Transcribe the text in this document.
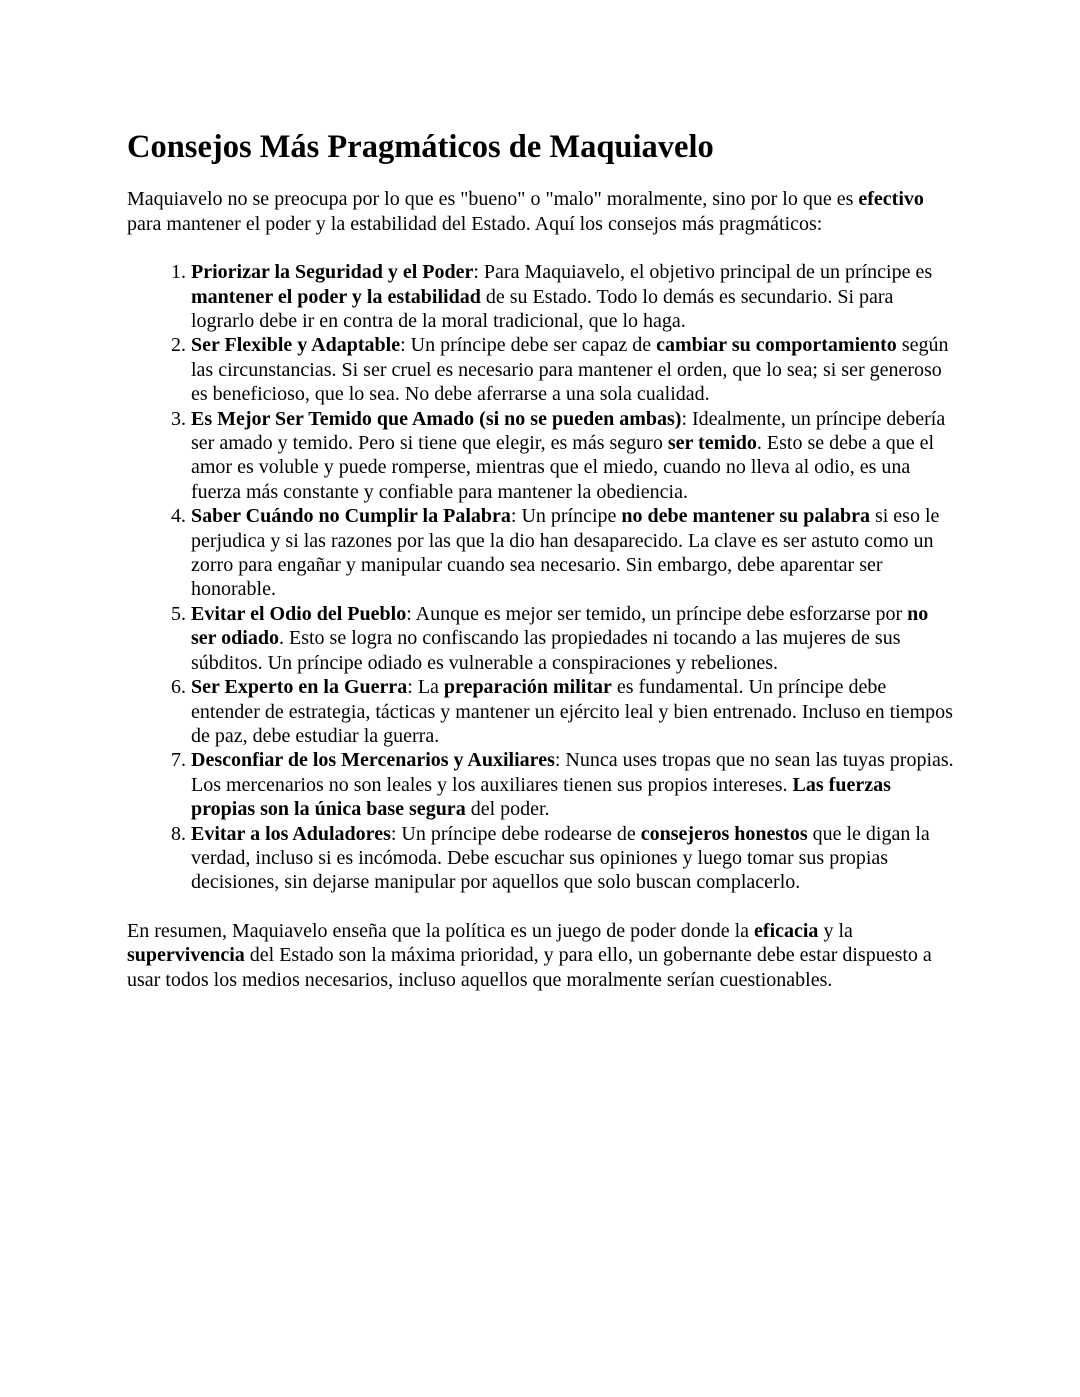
Consejos Más Pragmáticos de Maquiavelo

Maquiavelo no se preocupa por lo que es "bueno" o "malo" moralmente, sino por lo que es efectivo para mantener el poder y la estabilidad del Estado. Aquí los consejos más pragmáticos:

1. Priorizar la Seguridad y el Poder: Para Maquiavelo, el objetivo principal de un príncipe es mantener el poder y la estabilidad de su Estado. Todo lo demás es secundario. Si para lograrlo debe ir en contra de la moral tradicional, que lo haga.
2. Ser Flexible y Adaptable: Un príncipe debe ser capaz de cambiar su comportamiento según las circunstancias. Si ser cruel es necesario para mantener el orden, que lo sea; si ser generoso es beneficioso, que lo sea. No debe aferrarse a una sola cualidad.
3. Es Mejor Ser Temido que Amado (si no se pueden ambas): Idealmente, un príncipe debería ser amado y temido. Pero si tiene que elegir, es más seguro ser temido. Esto se debe a que el amor es voluble y puede romperse, mientras que el miedo, cuando no lleva al odio, es una fuerza más constante y confiable para mantener la obediencia.
4. Saber Cuándo no Cumplir la Palabra: Un príncipe no debe mantener su palabra si eso le perjudica y si las razones por las que la dio han desaparecido. La clave es ser astuto como un zorro para engañar y manipular cuando sea necesario. Sin embargo, debe aparentar ser honorable.
5. Evitar el Odio del Pueblo: Aunque es mejor ser temido, un príncipe debe esforzarse por no ser odiado. Esto se logra no confiscando las propiedades ni tocando a las mujeres de sus súbditos. Un príncipe odiado es vulnerable a conspiraciones y rebeliones.
6. Ser Experto en la Guerra: La preparación militar es fundamental. Un príncipe debe entender de estrategia, tácticas y mantener un ejército leal y bien entrenado. Incluso en tiempos de paz, debe estudiar la guerra.
7. Desconfiar de los Mercenarios y Auxiliares: Nunca uses tropas que no sean las tuyas propias. Los mercenarios no son leales y los auxiliares tienen sus propios intereses. Las fuerzas propias son la única base segura del poder.
8. Evitar a los Aduladores: Un príncipe debe rodearse de consejeros honestos que le digan la verdad, incluso si es incómoda. Debe escuchar sus opiniones y luego tomar sus propias decisiones, sin dejarse manipular por aquellos que solo buscan complacerlo.

En resumen, Maquiavelo enseña que la política es un juego de poder donde la eficacia y la supervivencia del Estado son la máxima prioridad, y para ello, un gobernante debe estar dispuesto a usar todos los medios necesarios, incluso aquellos que moralmente serían cuestionables.
